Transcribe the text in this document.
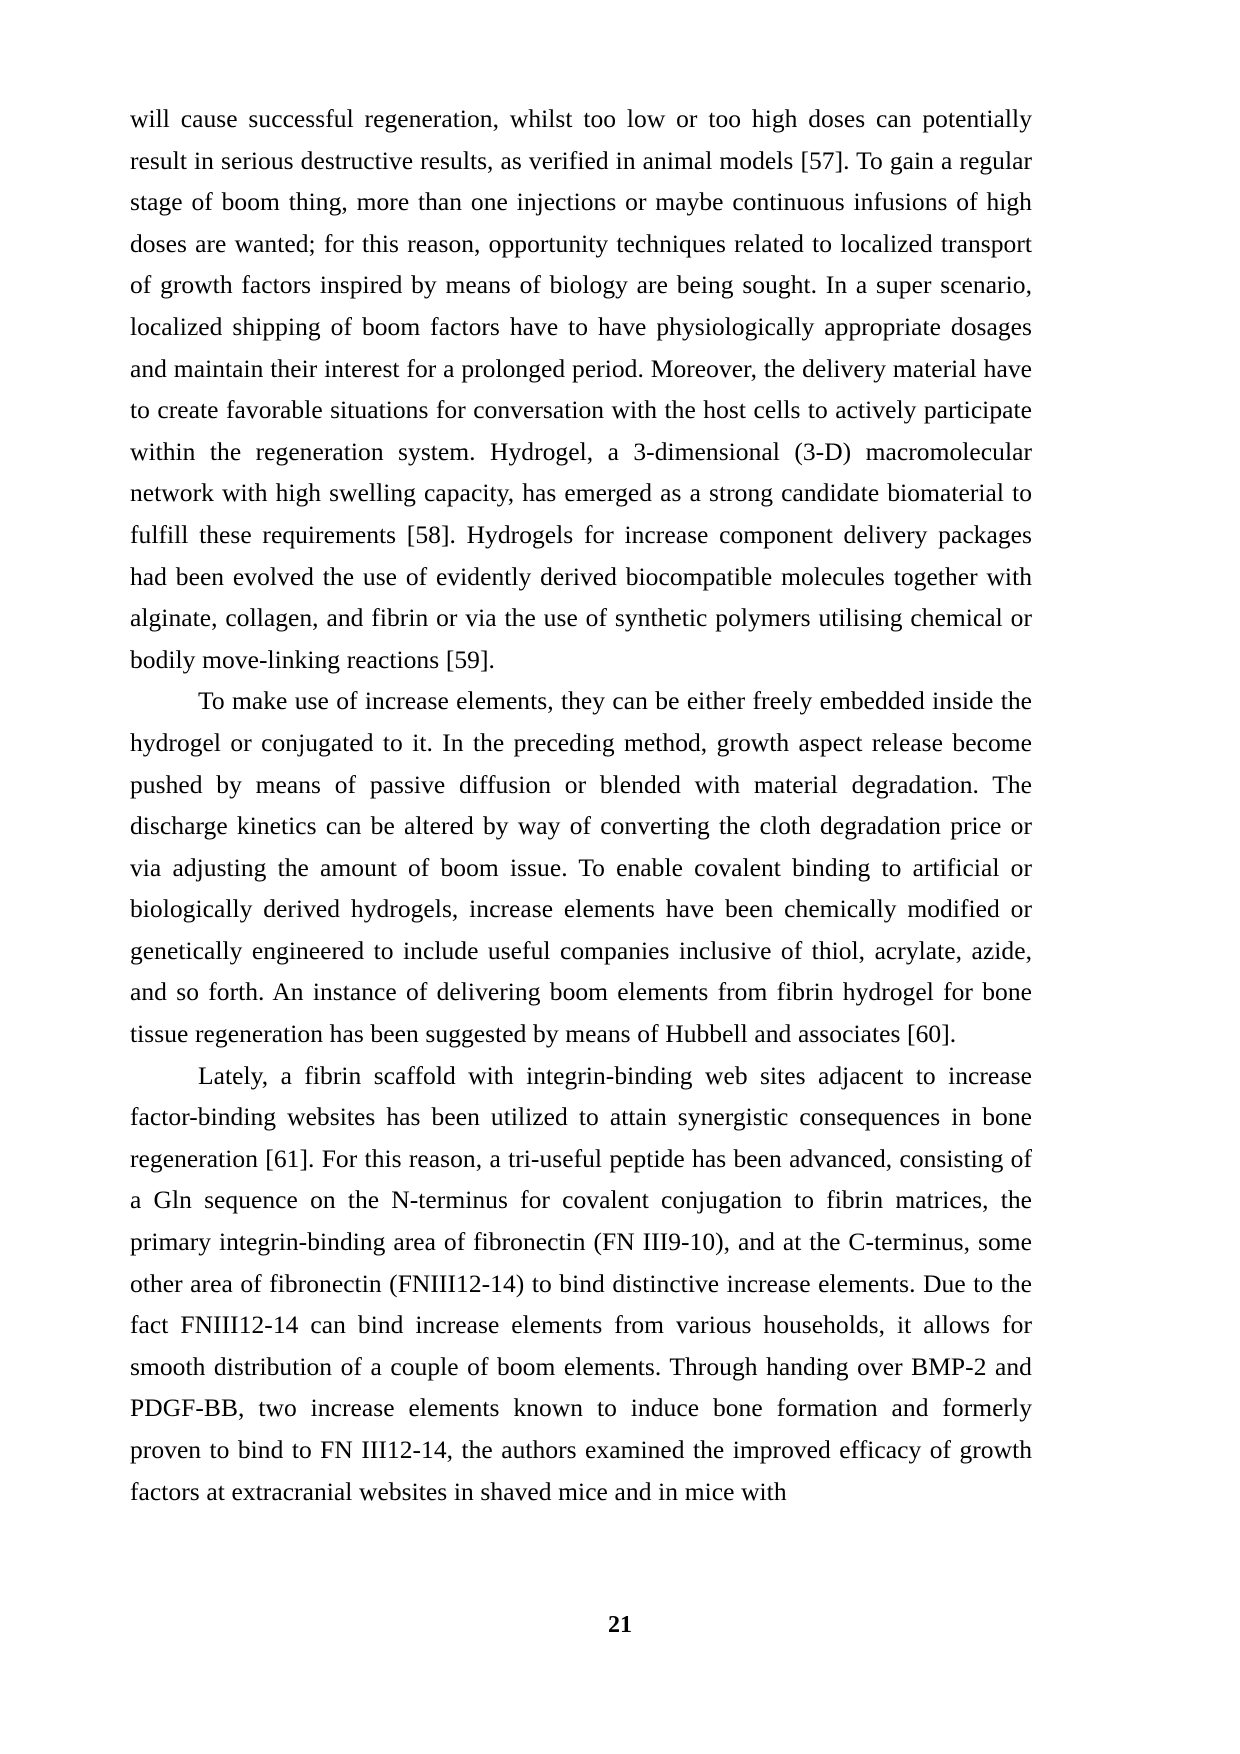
will cause successful regeneration, whilst too low or too high doses can potentially result in serious destructive results, as verified in animal models [57]. To gain a regular stage of boom thing, more than one injections or maybe continuous infusions of high doses are wanted; for this reason, opportunity techniques related to localized transport of growth factors inspired by means of biology are being sought. In a super scenario, localized shipping of boom factors have to have physiologically appropriate dosages and maintain their interest for a prolonged period. Moreover, the delivery material have to create favorable situations for conversation with the host cells to actively participate within the regeneration system. Hydrogel, a 3-dimensional (3-D) macromolecular network with high swelling capacity, has emerged as a strong candidate biomaterial to fulfill these requirements [58]. Hydrogels for increase component delivery packages had been evolved the use of evidently derived biocompatible molecules together with alginate, collagen, and fibrin or via the use of synthetic polymers utilising chemical or bodily move-linking reactions [59].

To make use of increase elements, they can be either freely embedded inside the hydrogel or conjugated to it. In the preceding method, growth aspect release become pushed by means of passive diffusion or blended with material degradation. The discharge kinetics can be altered by way of converting the cloth degradation price or via adjusting the amount of boom issue. To enable covalent binding to artificial or biologically derived hydrogels, increase elements have been chemically modified or genetically engineered to include useful companies inclusive of thiol, acrylate, azide, and so forth. An instance of delivering boom elements from fibrin hydrogel for bone tissue regeneration has been suggested by means of Hubbell and associates [60].

Lately, a fibrin scaffold with integrin-binding web sites adjacent to increase factor-binding websites has been utilized to attain synergistic consequences in bone regeneration [61]. For this reason, a tri-useful peptide has been advanced, consisting of a Gln sequence on the N-terminus for covalent conjugation to fibrin matrices, the primary integrin-binding area of fibronectin (FN III9-10), and at the C-terminus, some other area of fibronectin (FNIII12-14) to bind distinctive increase elements. Due to the fact FNIII12-14 can bind increase elements from various households, it allows for smooth distribution of a couple of boom elements. Through handing over BMP-2 and PDGF-BB, two increase elements known to induce bone formation and formerly proven to bind to FN III12-14, the authors examined the improved efficacy of growth factors at extracranial websites in shaved mice and in mice with

21
